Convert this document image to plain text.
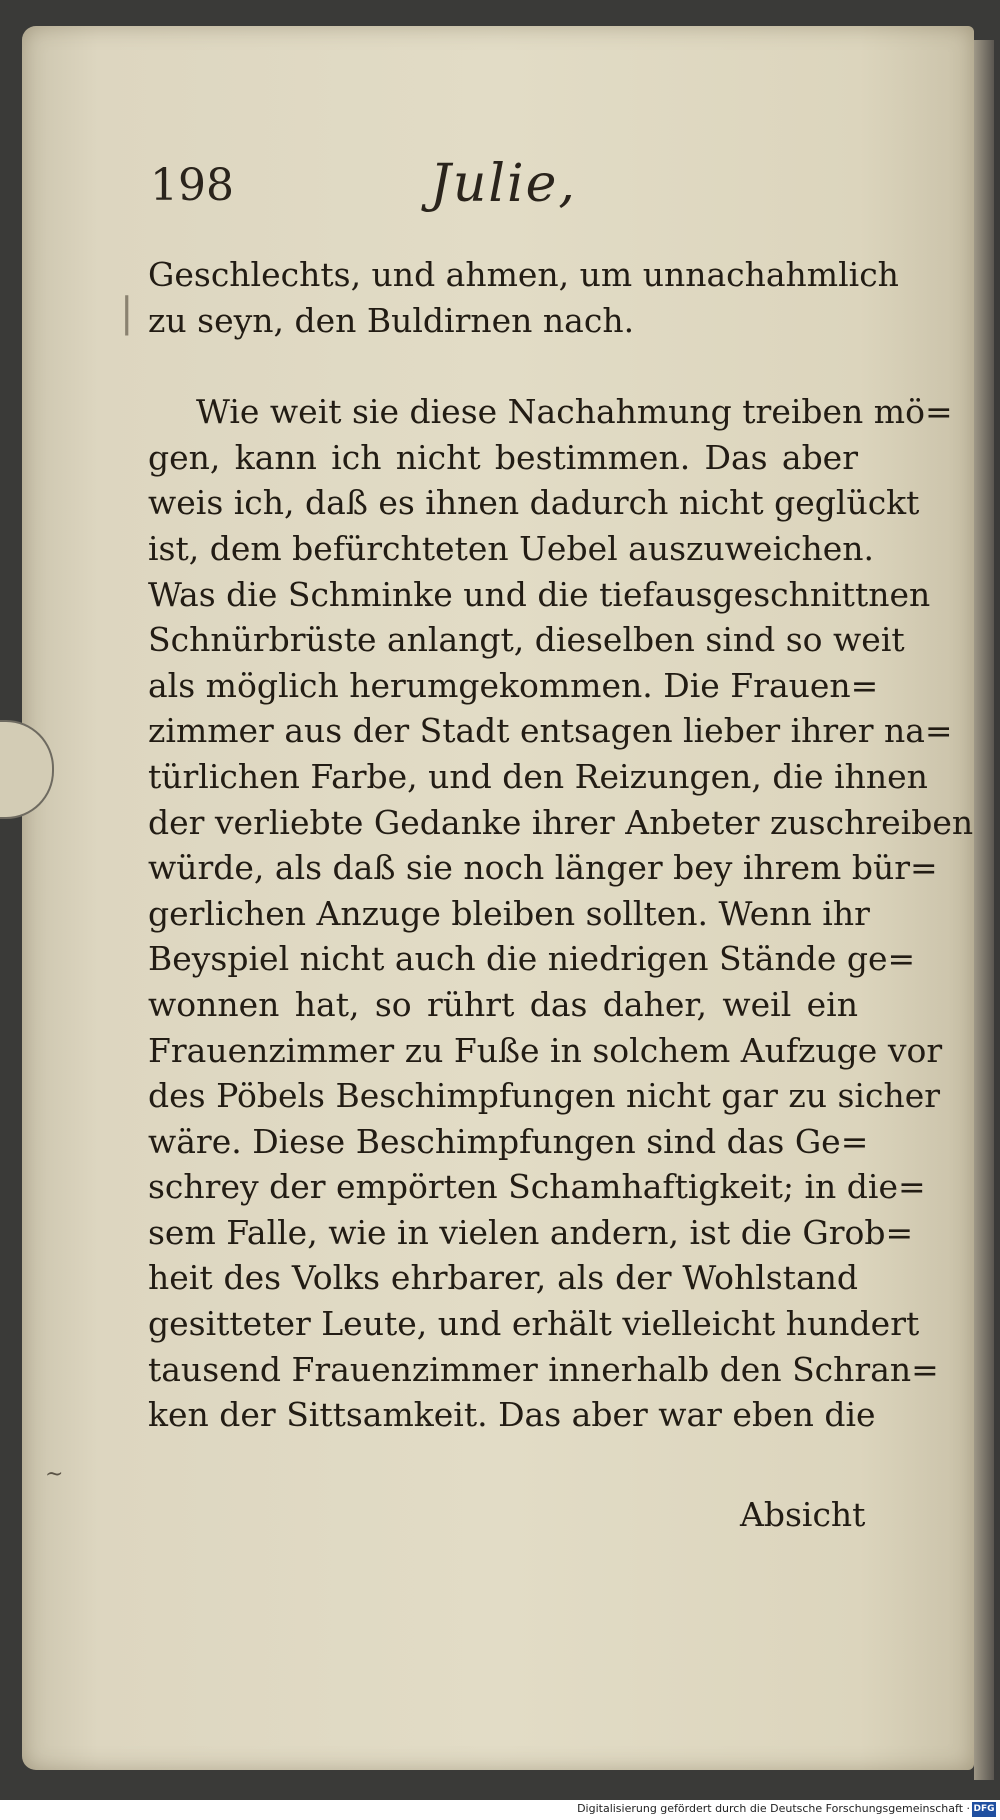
198	Julie,
Geschlechts, und ahmen, um unnachahmlich
zu seyn, den Buldirnen nach.
Wie weit sie diese Nachahmung treiben mö=
gen, kann ich nicht bestimmen. Das aber
weis ich, daß es ihnen dadurch nicht geglückt
ist, dem befürchteten Uebel auszuweichen.
Was die Schminke und die tiefausgeschnittnen
Schnürbrüste anlangt, dieselben sind so weit
als möglich herumgekommen. Die Frauen=
zimmer aus der Stadt entsagen lieber ihrer na=
türlichen Farbe, und den Reizungen, die ihnen
der verliebte Gedanke ihrer Anbeter zuschreiben
würde, als daß sie noch länger bey ihrem bür=
gerlichen Anzuge bleiben sollten. Wenn ihr
Beyspiel nicht auch die niedrigen Stände ge=
wonnen hat, so rührt das daher, weil ein
Frauenzimmer zu Fuße in solchem Aufzuge vor
des Pöbels Beschimpfungen nicht gar zu sicher
wäre. Diese Beschimpfungen sind das Ge=
schrey der empörten Schamhaftigkeit; in die=
sem Falle, wie in vielen andern, ist die Grob=
heit des Volks ehrbarer, als der Wohlstand
gesitteter Leute, und erhält vielleicht hundert
tausend Frauenzimmer innerhalb den Schran=
ken der Sittsamkeit. Das aber war eben die
Absicht
~
|
Digitalisierung gefördert durch die Deutsche Forschungsgemeinschaft · DFG
